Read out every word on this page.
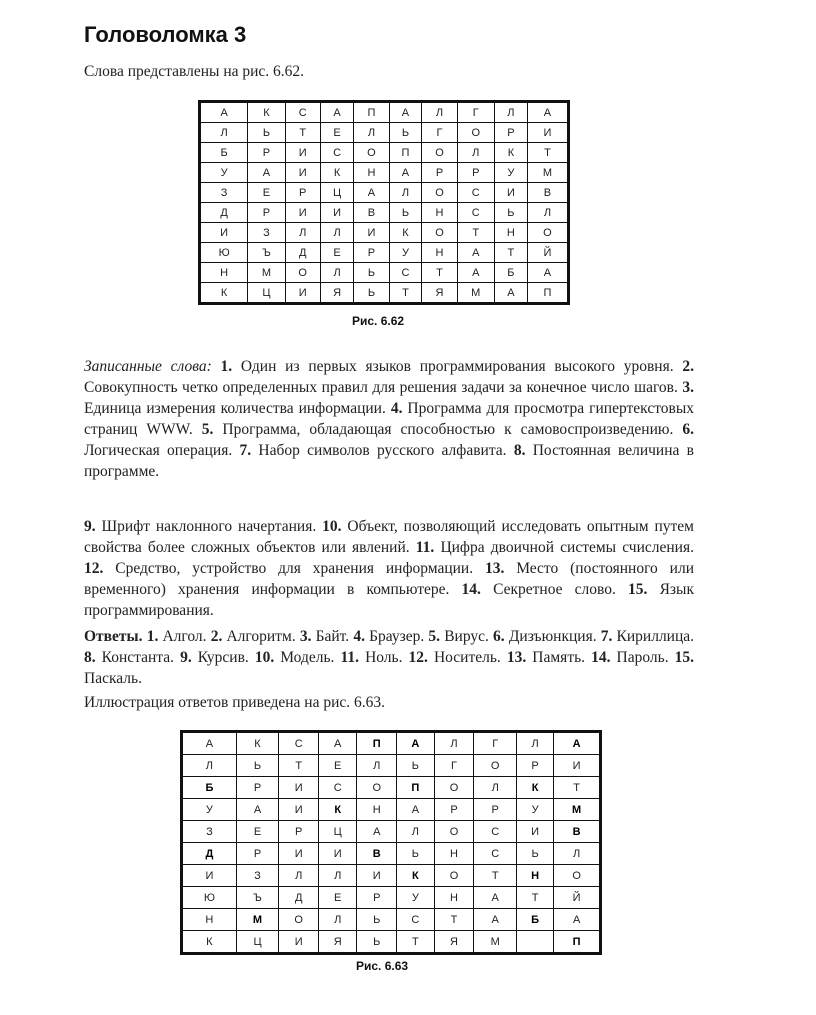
Головоломка 3
Слова представлены на рис. 6.62.
А	К	С	А	П	А	Л	Г	Л	А
Л	Ь	Т	Е	Л	Ь	Г	О	Р	И
Б	Р	И	С	О	П	О	Л	К	Т
У	А	И	К	Н	А	Р	Р	У	М
З	Е	Р	Ц	А	Л	О	С	И	В
Д	Р	И	И	В	Ь	Н	С	Ь	Л
И	З	Л	Л	И	К	О	Т	Н	О
Ю	Ъ	Д	Е	Р	У	Н	А	Т	Й
Н	М	О	Л	Ь	С	Т	А	Б	А
К	Ц	И	Я	Ь	Т	Я	М	А	П
Рис. 6.62
Записанные слова: 1. Один из первых языков программирования высокого уровня. 2. Совокупность четко определенных правил для решения задачи за конечное число шагов. 3. Единица измерения количества информации. 4. Программа для просмотра гипертекстовых страниц WWW. 5. Программа, обладающая способностью к самовоспроизведению. 6. Логическая операция. 7. Набор символов русского алфавита. 8. Постоянная величина в программе.
9. Шрифт наклонного начертания. 10. Объект, позволяющий исследовать опытным путем свойства более сложных объектов или явлений. 11. Цифра двоичной системы счисления. 12. Средство, устройство для хранения информации. 13. Место (постоянного или временного) хранения информации в компьютере. 14. Секретное слово. 15. Язык программирования.
Ответы. 1. Алгол. 2. Алгоритм. 3. Байт. 4. Браузер. 5. Вирус. 6. Дизъюнкция. 7. Кириллица. 8. Константа. 9. Курсив. 10. Модель. 11. Ноль. 12. Носитель. 13. Память. 14. Пароль. 15. Паскаль.
Иллюстрация ответов приведена на рис. 6.63.
А	К	С	А	П	А	Л	Г	Л	А
Л	Ь	Т	Е	Л	Ь	Г	О	Р	И
Б	Р	И	С	О	П	О	Л	К	Т
У	А	И	К	Н	А	Р	Р	У	М
З	Е	Р	Ц	А	Л	О	С	И	В
Д	Р	И	И	В	Ь	Н	С	Ь	Л
И	З	Л	Л	И	К	О	Т	Н	О
Ю	Ъ	Д	Е	Р	У	Н	А	Т	Й
Н	М	О	Л	Ь	С	Т	А	Б	А
К	Ц	И	Я	Ь	Т	Я	М		П
Рис. 6.63
